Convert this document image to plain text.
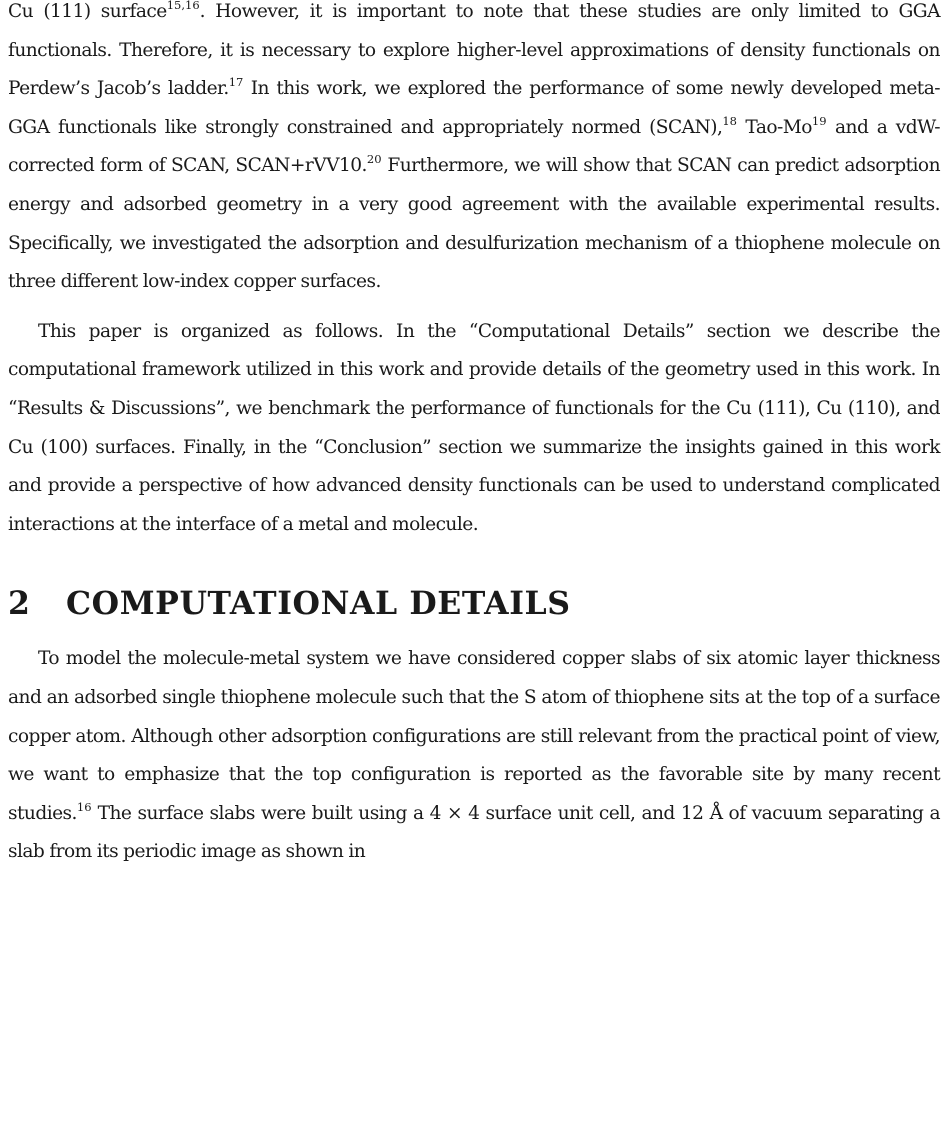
Cu (111) surface$^{15,16}$. However, it is important to note that these studies are only limited to GGA functionals. Therefore, it is necessary to explore higher-level approximations of density functionals on Perdew’s Jacob’s ladder.$^{17}$ In this work, we explored the performance of some newly developed meta-GGA functionals like strongly constrained and appropriately normed (SCAN),$^{18}$ Tao-Mo$^{19}$ and a vdW-corrected form of SCAN, SCAN+rVV10.20 Furthermore, we will show that SCAN can predict adsorption energy and adsorbed geometry in a very good agreement with the available experimental results. Specifically, we investigated the adsorption and desulfurization mechanism of a thiophene molecule on three different low-index copper surfaces.

This paper is organized as follows. In the “Computational Details” section we describe the computational framework utilized in this work and provide details of the geometry used in this work. In “Results & Discussions”, we benchmark the performance of functionals for the Cu (111), Cu (110), and Cu (100) surfaces. Finally, in the “Conclusion” section we summarize the insights gained in this work and provide a perspective of how advanced density functionals can be used to understand complicated interactions at the interface of a metal and molecule.

2 COMPUTATIONAL DETAILS

To model the molecule-metal system we have considered copper slabs of six atomic layer thickness and an adsorbed single thiophene molecule such that the S atom of thiophene sits at the top of a surface copper atom. Although other adsorption configurations are still relevant from the practical point of view, we want to emphasize that the top configuration is reported as the favorable site by many recent studies.$^{16}$ The surface slabs were built using a 4 × 4 surface unit cell, and 12 Å of vacuum separating a slab from its periodic image as shown in
